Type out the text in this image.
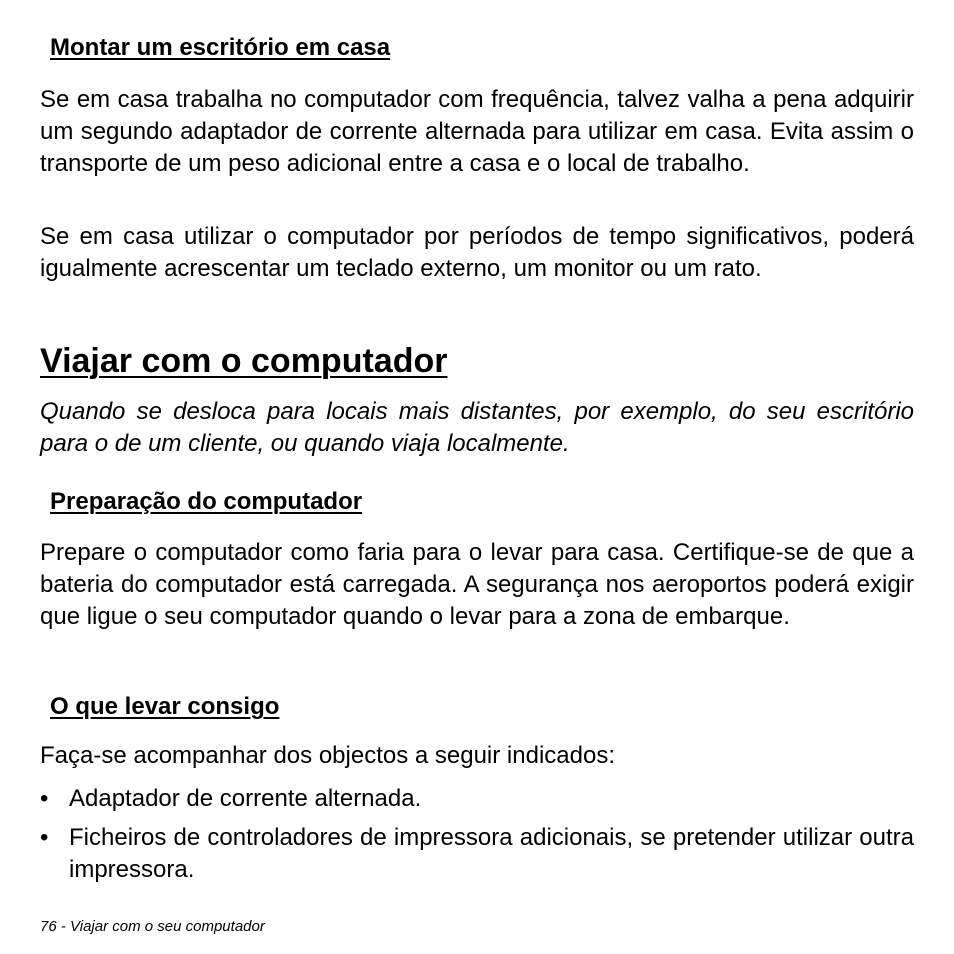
Montar um escritório em casa

Se em casa trabalha no computador com frequência, talvez valha a pena adquirir um segundo adaptador de corrente alternada para utilizar em casa. Evita assim o transporte de um peso adicional entre a casa e o local de trabalho.

Se em casa utilizar o computador por períodos de tempo significativos, poderá igualmente acrescentar um teclado externo, um monitor ou um rato.

Viajar com o computador

Quando se desloca para locais mais distantes, por exemplo, do seu escritório para o de um cliente, ou quando viaja localmente.

Preparação do computador

Prepare o computador como faria para o levar para casa. Certifique-se de que a bateria do computador está carregada. A segurança nos aeroportos poderá exigir que ligue o seu computador quando o levar para a zona de embarque.

O que levar consigo

Faça-se acompanhar dos objectos a seguir indicados:

• Adaptador de corrente alternada.

• Ficheiros de controladores de impressora adicionais, se pretender utilizar outra impressora.

76 - Viajar com o seu computador
